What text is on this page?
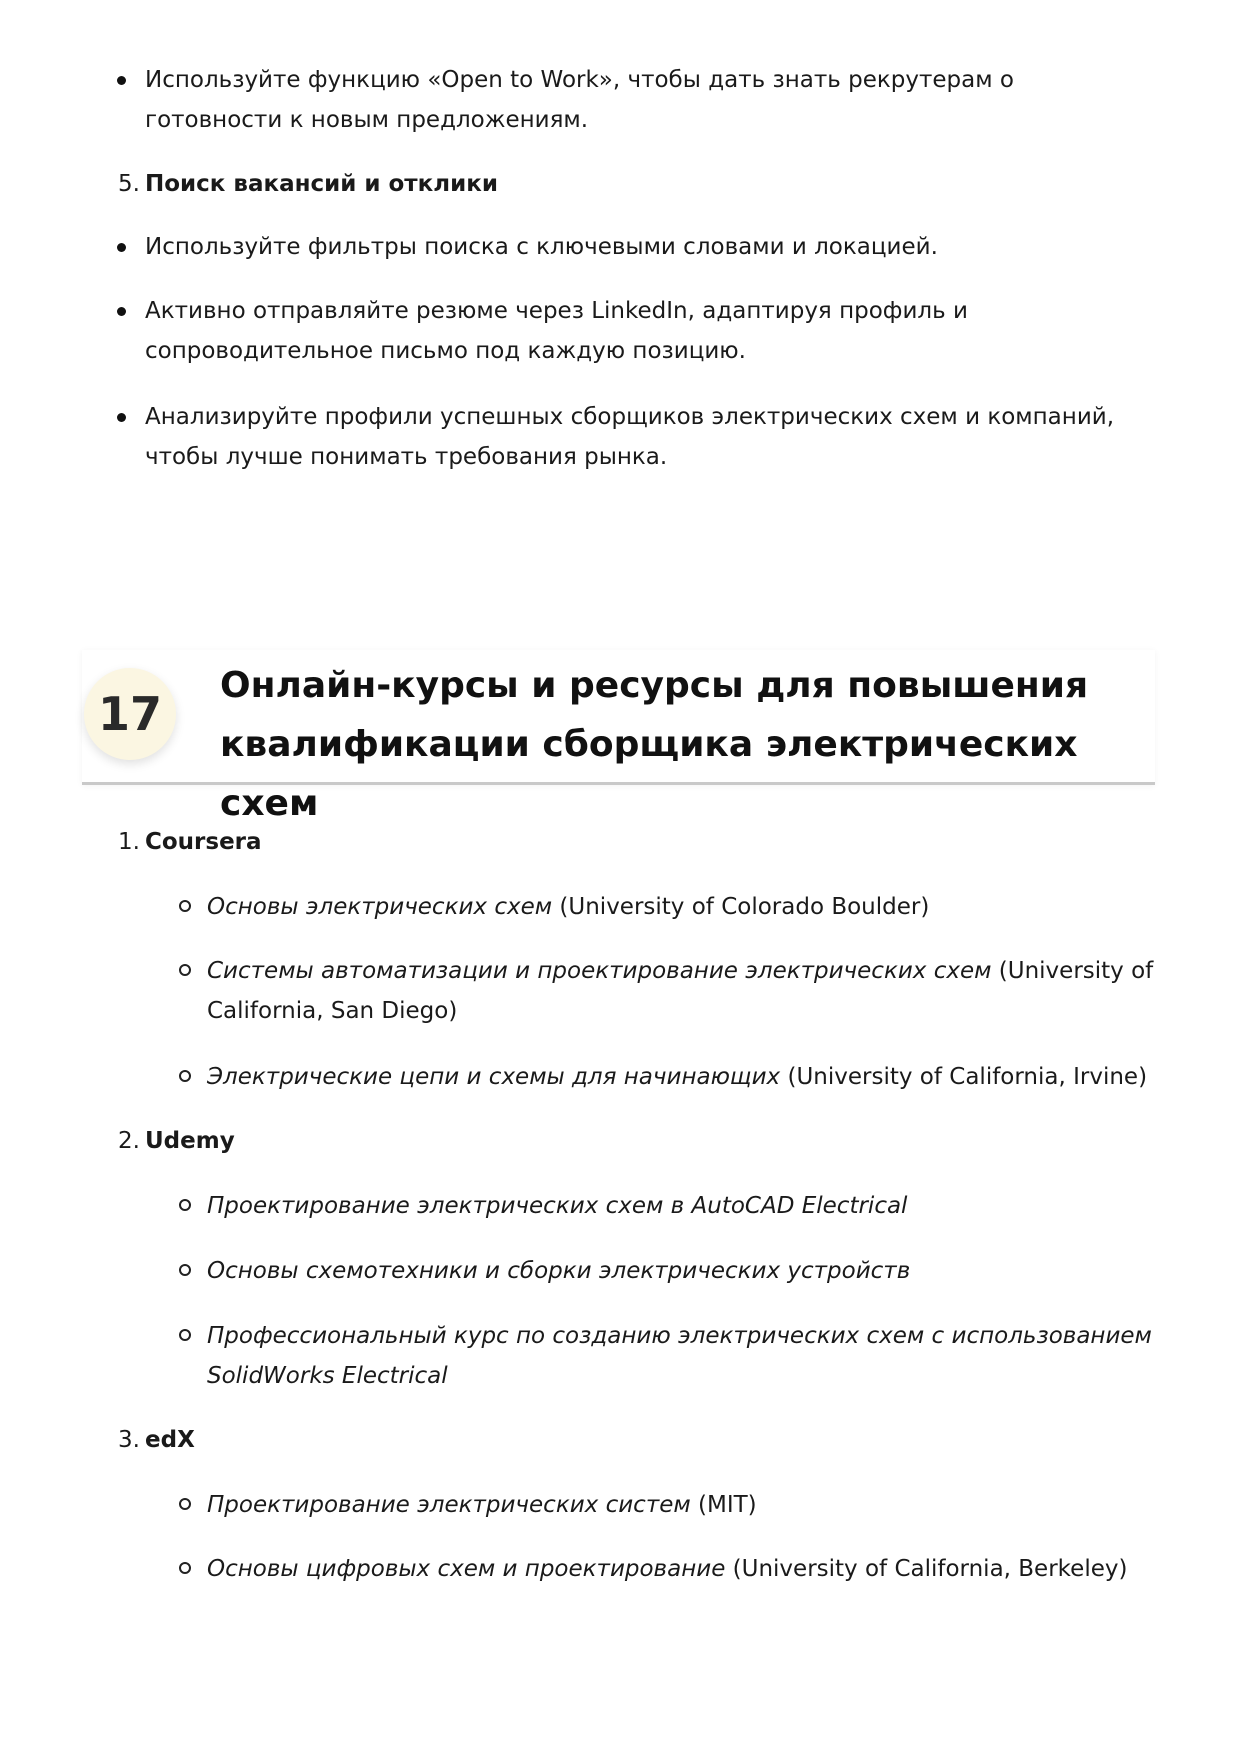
Используйте функцию «Open to Work», чтобы дать знать рекрутерам о готовности к новым предложениям.
5. Поиск вакансий и отклики
Используйте фильтры поиска с ключевыми словами и локацией.
Активно отправляйте резюме через LinkedIn, адаптируя профиль и сопроводительное письмо под каждую позицию.
Анализируйте профили успешных сборщиков электрических схем и компаний, чтобы лучше понимать требования рынка.
17
Онлайн-курсы и ресурсы для повышения квалификации сборщика электрических схем
1. Coursera
Основы электрических схем (University of Colorado Boulder)
Системы автоматизации и проектирование электрических схем (University of California, San Diego)
Электрические цепи и схемы для начинающих (University of California, Irvine)
2. Udemy
Проектирование электрических схем в AutoCAD Electrical
Основы схемотехники и сборки электрических устройств
Профессиональный курс по созданию электрических схем с использованием SolidWorks Electrical
3. edX
Проектирование электрических систем (MIT)
Основы цифровых схем и проектирование (University of California, Berkeley)
